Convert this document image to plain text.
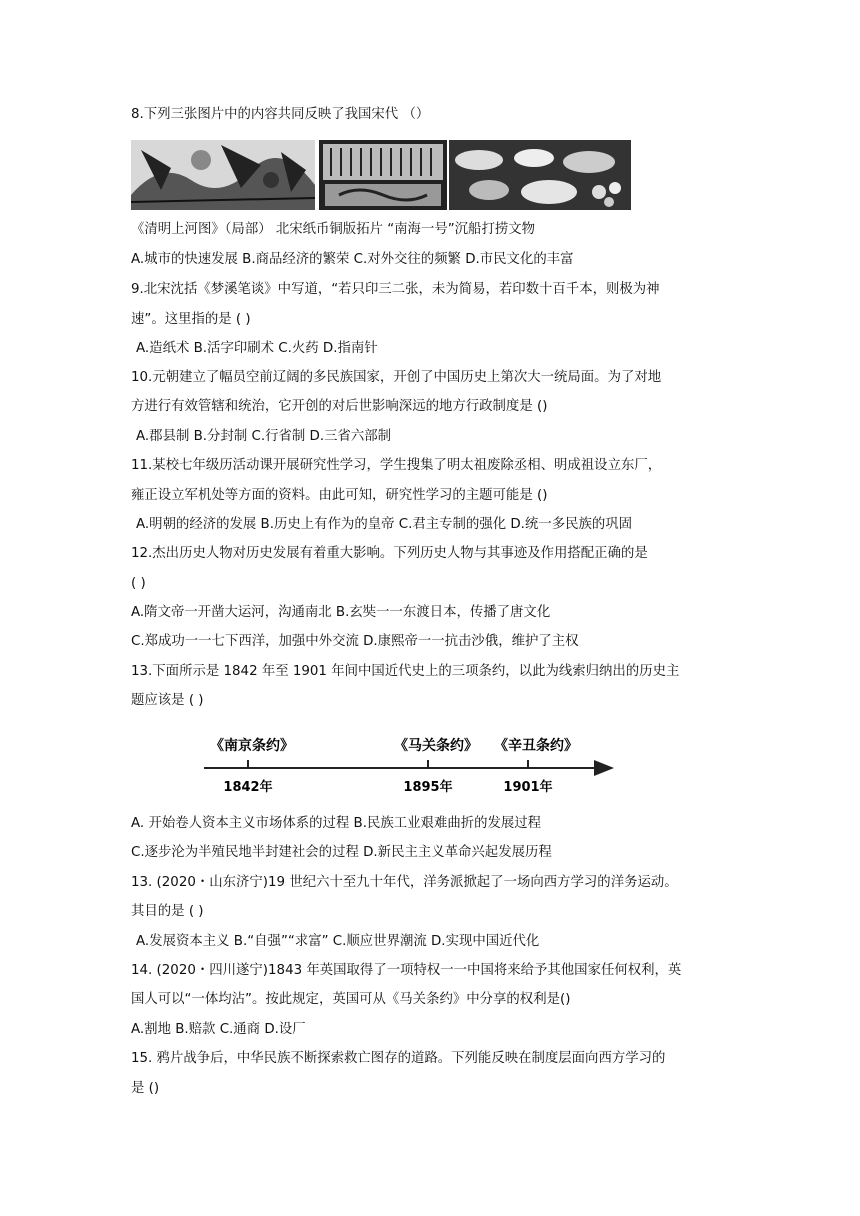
8.下列三张图片中的内容共同反映了我国宋代 （）
《清明上河图》（局部） 北宋纸币铜版拓片 “南海一号”沉船打捞文物
A.城市的快速发展 B.商品经济的繁荣 C.对外交往的频繁 D.市民文化的丰富
9.北宋沈括《梦溪笔谈》中写道，“若只印三二张，未为简易，若印数十百千本，则极为神
速”。这里指的是 ( )
A.造纸术 B.活字印刷术 C.火药 D.指南针
10.元朝建立了幅员空前辽阔的多民族国家，开创了中国历史上第次大一统局面。为了对地
方进行有效管辖和统治，它开创的对后世影响深远的地方行政制度是 ()
A.郡县制 B.分封制 C.行省制 D.三省六部制
11.某校七年级历活动课开展研究性学习，学生搜集了明太祖废除丞相、明成祖设立东厂，
雍正设立军机处等方面的资料。由此可知，研究性学习的主题可能是 ()
A.明朝的经济的发展 B.历史上有作为的皇帝 C.君主专制的强化 D.统一多民族的巩固
12.杰出历史人物对历史发展有着重大影响。下列历史人物与其事迹及作用搭配正确的是
( )
A.隋文帝一开凿大运河，沟通南北 B.玄奘一一东渡日本，传播了唐文化
C.郑成功一一七下西洋，加强中外交流 D.康熙帝一一抗击沙俄，维护了主权
13.下面所示是 1842 年至 1901 年间中国近代史上的三项条约，以此为线索归纳出的历史主
题应该是 ( )
《南京条约》
1842年
《马关条约》
1895年
《辛丑条约》
1901年
A. 开始卷人资本主义市场体系的过程 B.民族工业艰难曲折的发展过程
C.逐步沦为半殖民地半封建社会的过程 D.新民主主义革命兴起发展历程
13. (2020・山东济宁)19 世纪六十至九十年代，洋务派掀起了一场向西方学习的洋务运动。
其目的是 ( )
A.发展资本主义 B.“自强”“求富” C.顺应世界潮流 D.实现中国近代化
14. (2020・四川遂宁)1843 年英国取得了一项特权一一中国将来给予其他国家任何权利，英
国人可以“一体均沾”。按此规定，英国可从《马关条约》中分享的权利是()
A.割地 B.赔款 C.通商 D.设厂
15. 鸦片战争后，中华民族不断探索救亡图存的道路。下列能反映在制度层面向西方学习的
是 ()
